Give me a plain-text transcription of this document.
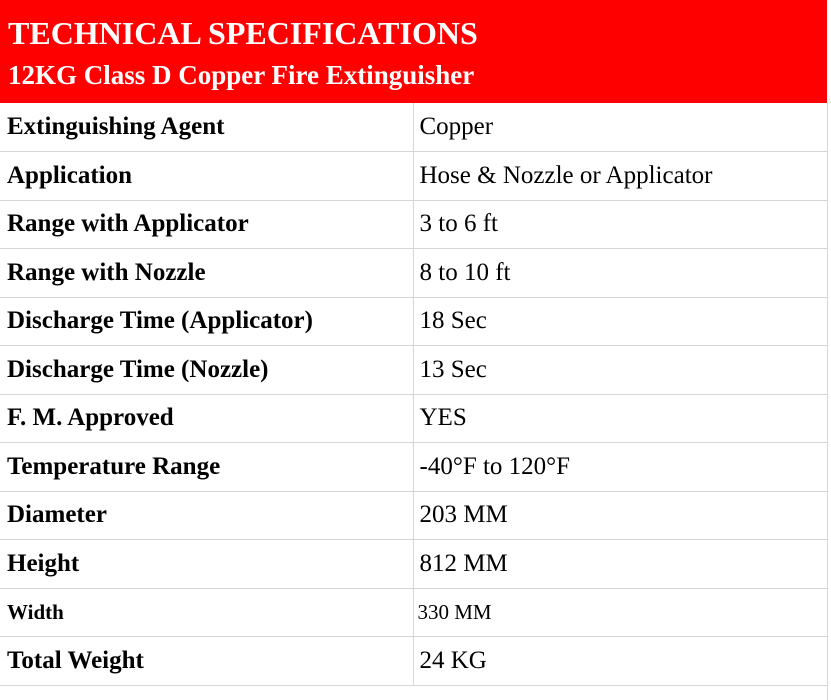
TECHNICAL SPECIFICATIONS
12KG Class D Copper Fire Extinguisher
Extinguishing Agent	Copper
Application	Hose & Nozzle or Applicator
Range with Applicator	3 to 6 ft
Range with Nozzle	8 to 10 ft
Discharge Time (Applicator)	18 Sec
Discharge Time (Nozzle)	13 Sec
F. M. Approved	YES
Temperature Range	-40°F to 120°F
Diameter	203 MM
Height	812 MM
Width	330 MM
Total Weight	24 KG
